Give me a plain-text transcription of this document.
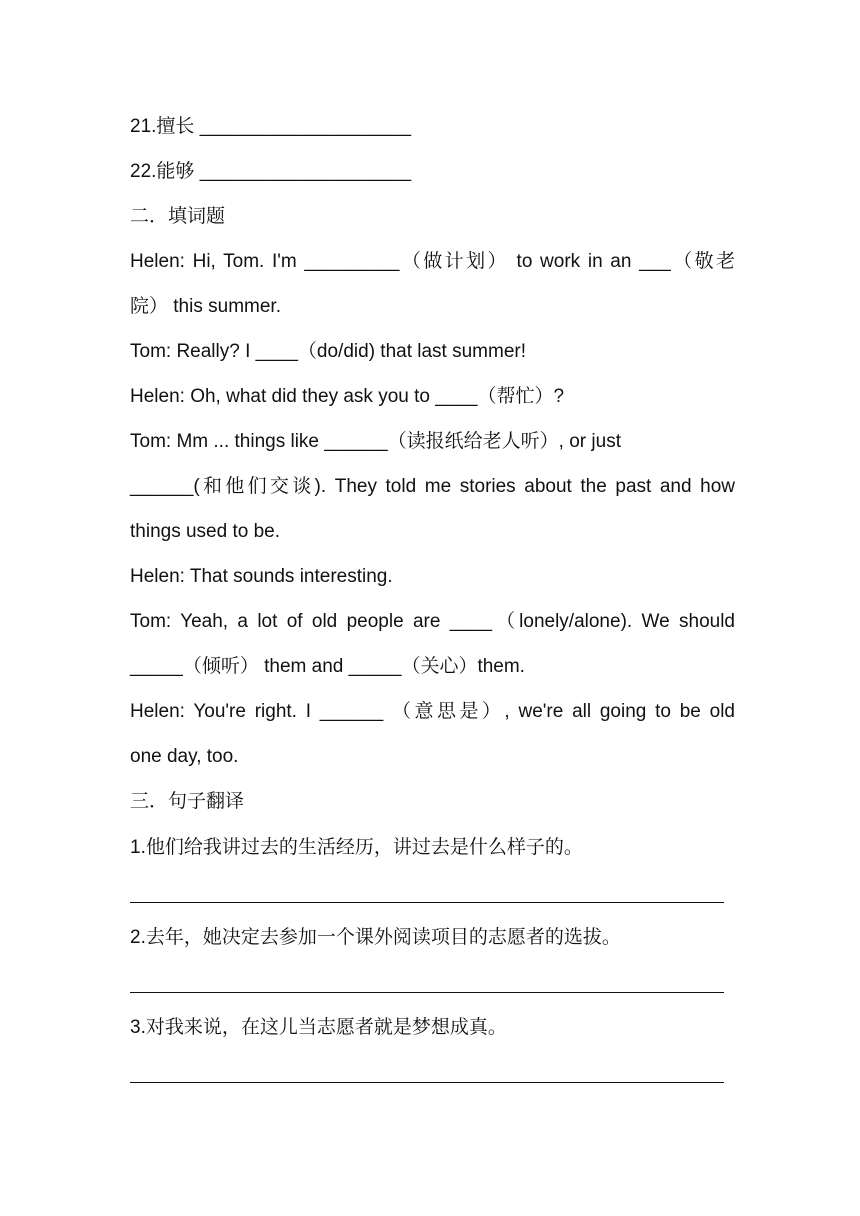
21.擅长 ____________________
22.能够 ____________________
二．填词题
Helen: Hi, Tom. I'm _________（做计划） to work in an ___（敬老
院） this summer.
Tom: Really? I ____（do/did) that last summer!
Helen: Oh, what did they ask you to ____（帮忙）?
Tom: Mm ... things like ______（读报纸给老人听）, or just
______(和他们交谈). They told me stories about the past and how
things used to be.
Helen: That sounds interesting.
Tom: Yeah, a lot of old people are ____（lonely/alone). We should
_____（倾听） them and _____（关心）them.
Helen: You're right. I ______ （意思是）, we're all going to be old
one day, too.
三．句子翻译
1.他们给我讲过去的生活经历，讲过去是什么样子的。
2.去年，她决定去参加一个课外阅读项目的志愿者的选拔。
3.对我来说，在这儿当志愿者就是梦想成真。
